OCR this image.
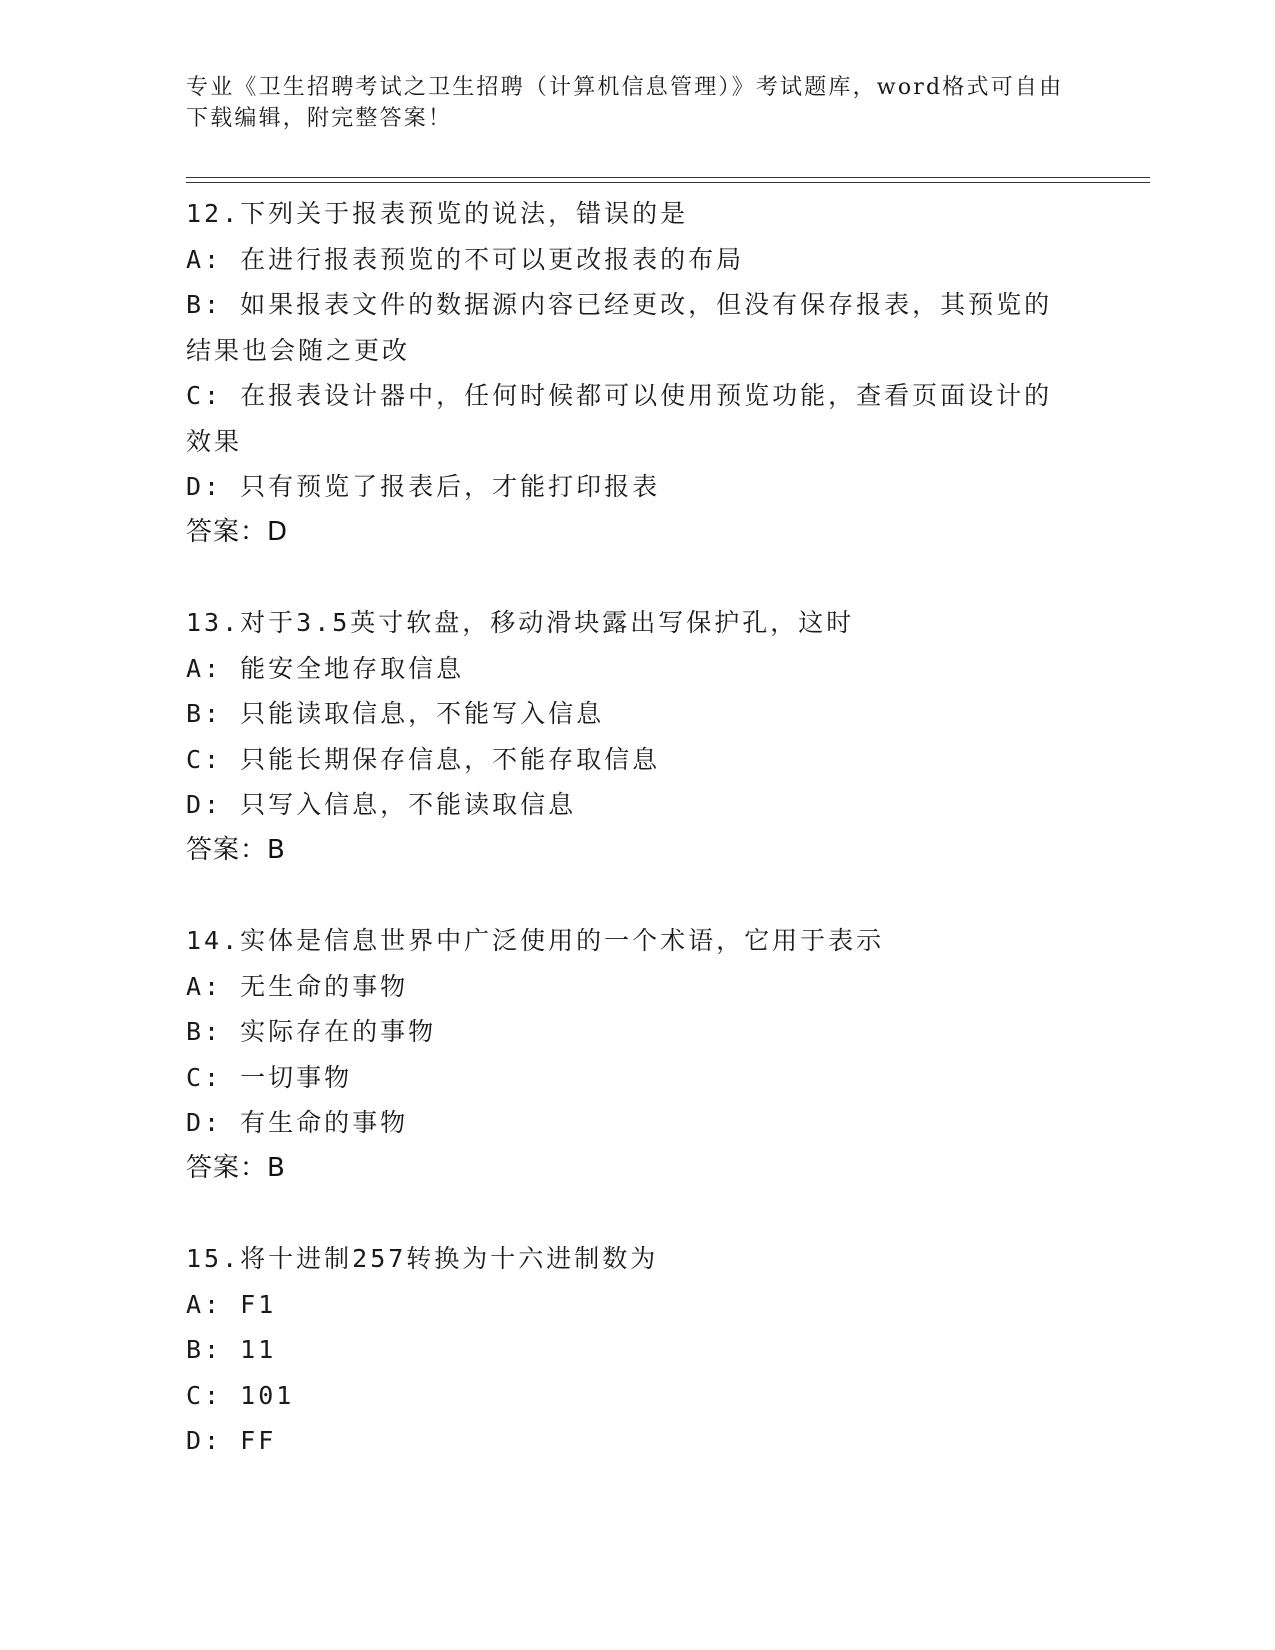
专业《卫生招聘考试之卫生招聘（计算机信息管理）》考试题库，word格式可自由下载编辑，附完整答案！
12.下列关于报表预览的说法，错误的是
A: 在进行报表预览的不可以更改报表的布局
B: 如果报表文件的数据源内容已经更改，但没有保存报表，其预览的结果也会随之更改
C: 在报表设计器中，任何时候都可以使用预览功能，查看页面设计的效果
D: 只有预览了报表后，才能打印报表
答案：D
13.对于3.5英寸软盘，移动滑块露出写保护孔，这时
A: 能安全地存取信息
B: 只能读取信息，不能写入信息
C: 只能长期保存信息，不能存取信息
D: 只写入信息，不能读取信息
答案：B
14.实体是信息世界中广泛使用的一个术语，它用于表示
A: 无生命的事物
B: 实际存在的事物
C: 一切事物
D: 有生命的事物
答案：B
15.将十进制257转换为十六进制数为
A: F1
B: 11
C: 101
D: FF
